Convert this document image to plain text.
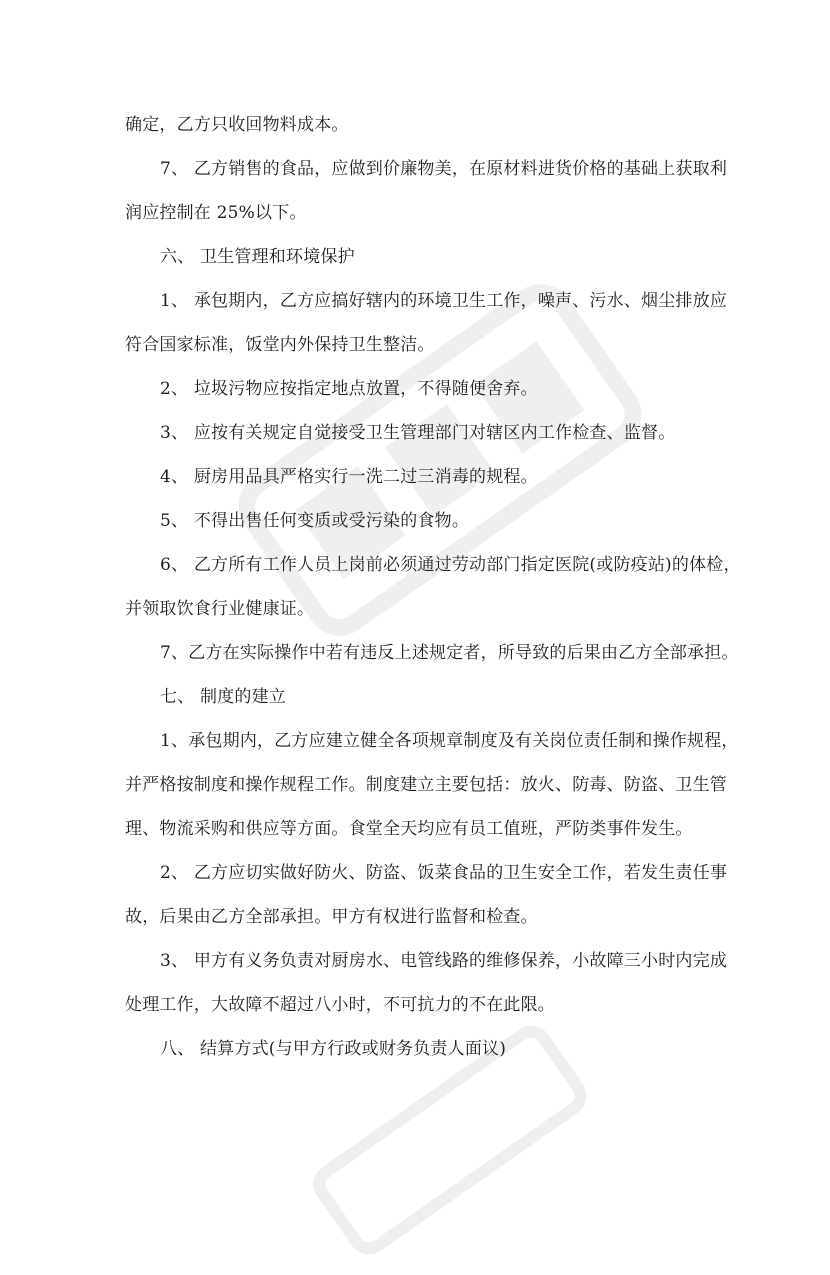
确定，乙方只收回物料成本。
7、 乙方销售的食品，应做到价廉物美，在原材料进货价格的基础上获取利
润应控制在 25%以下。
六、 卫生管理和环境保护
1、 承包期内，乙方应搞好辖内的环境卫生工作，噪声、污水、烟尘排放应
符合国家标准，饭堂内外保持卫生整洁。
2、 垃圾污物应按指定地点放置，不得随便舍弃。
3、 应按有关规定自觉接受卫生管理部门对辖区内工作检查、监督。
4、 厨房用品具严格实行一洗二过三消毒的规程。
5、 不得出售任何变质或受污染的食物。
6、 乙方所有工作人员上岗前必须通过劳动部门指定医院(或防疫站)的体检，
并领取饮食行业健康证。
7、乙方在实际操作中若有违反上述规定者，所导致的后果由乙方全部承担。
七、 制度的建立
1、承包期内，乙方应建立健全各项规章制度及有关岗位责任制和操作规程，
并严格按制度和操作规程工作。制度建立主要包括：放火、防毒、防盗、卫生管
理、物流采购和供应等方面。食堂全天均应有员工值班，严防类事件发生。
2、 乙方应切实做好防火、防盗、饭菜食品的卫生安全工作，若发生责任事
故，后果由乙方全部承担。甲方有权进行监督和检查。
3、 甲方有义务负责对厨房水、电管线路的维修保养，小故障三小时内完成
处理工作，大故障不超过八小时，不可抗力的不在此限。
八、 结算方式(与甲方行政或财务负责人面议)
